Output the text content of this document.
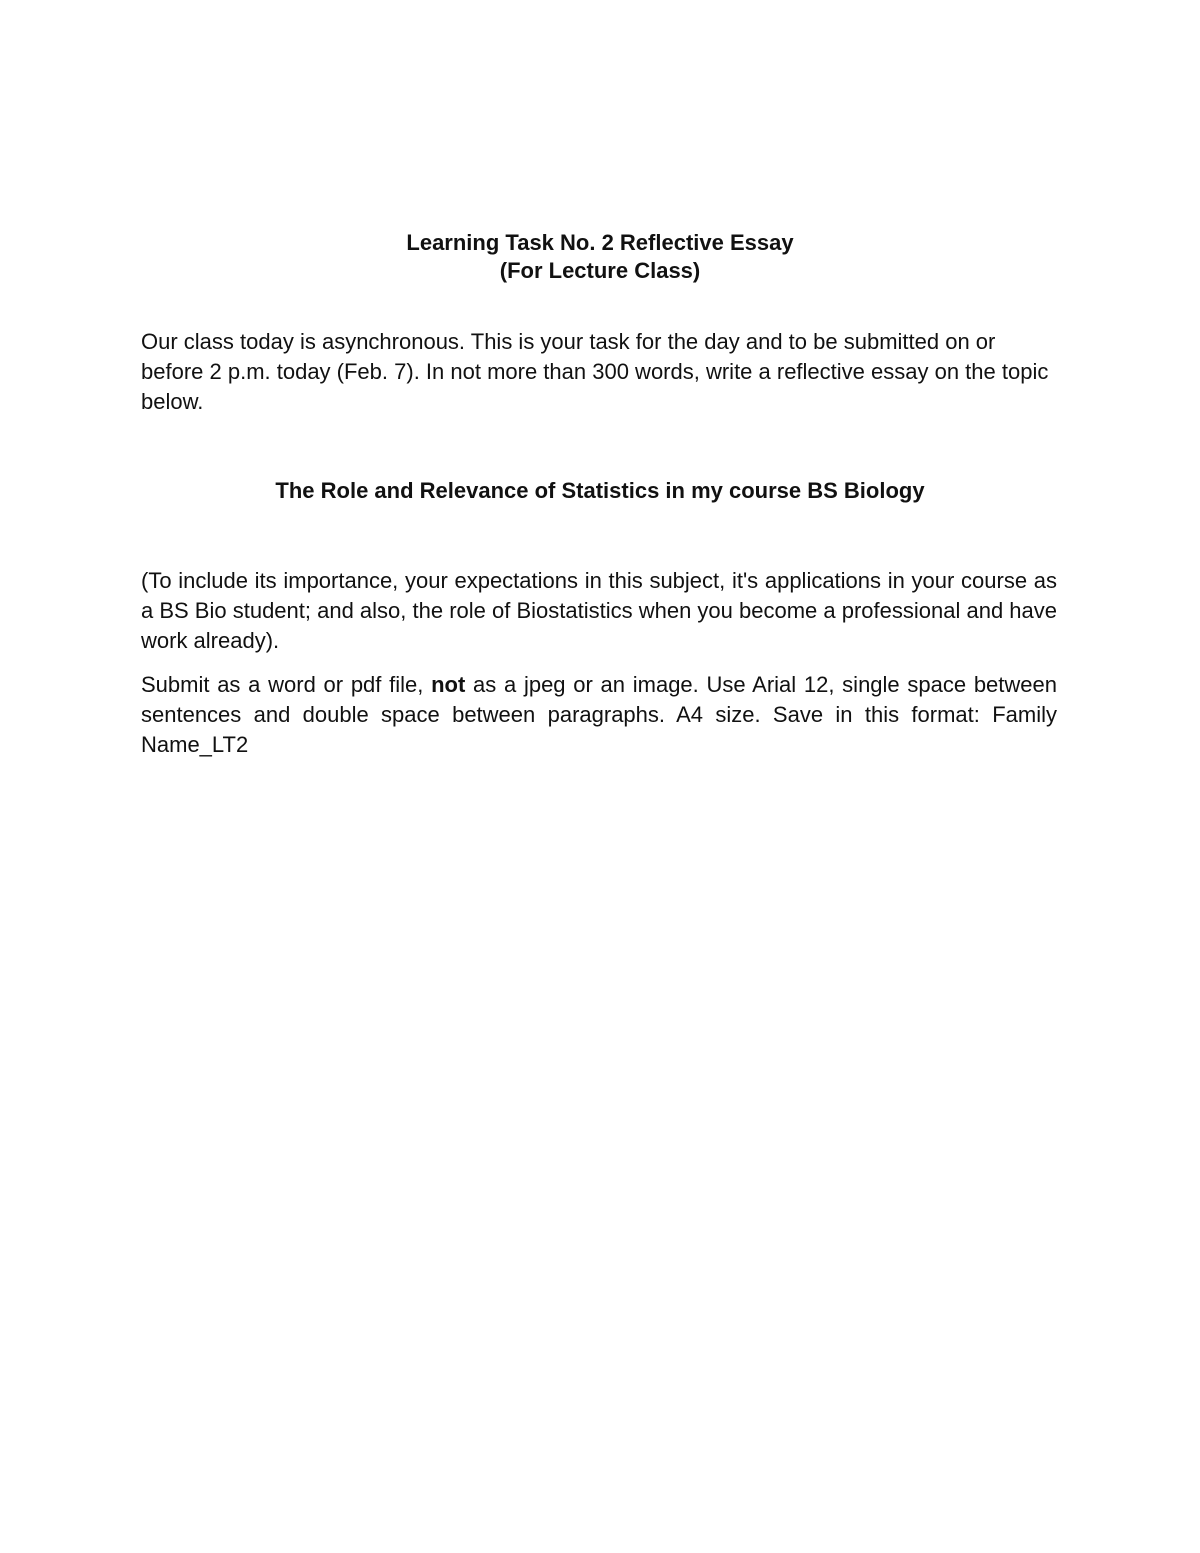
Learning Task No. 2 Reflective Essay
(For Lecture Class)

Our class today is asynchronous. This is your task for the day and to be submitted on or before 2 p.m. today (Feb. 7). In not more than 300 words, write a reflective essay on the topic below.

The Role and Relevance of Statistics in my course BS Biology

(To include its importance, your expectations in this subject, it's applications in your course as a BS Bio student; and also, the role of Biostatistics when you become a professional and have work already).

Submit as a word or pdf file, not as a jpeg or an image. Use Arial 12, single space between sentences and double space between paragraphs. A4 size. Save in this format: Family Name_LT2
